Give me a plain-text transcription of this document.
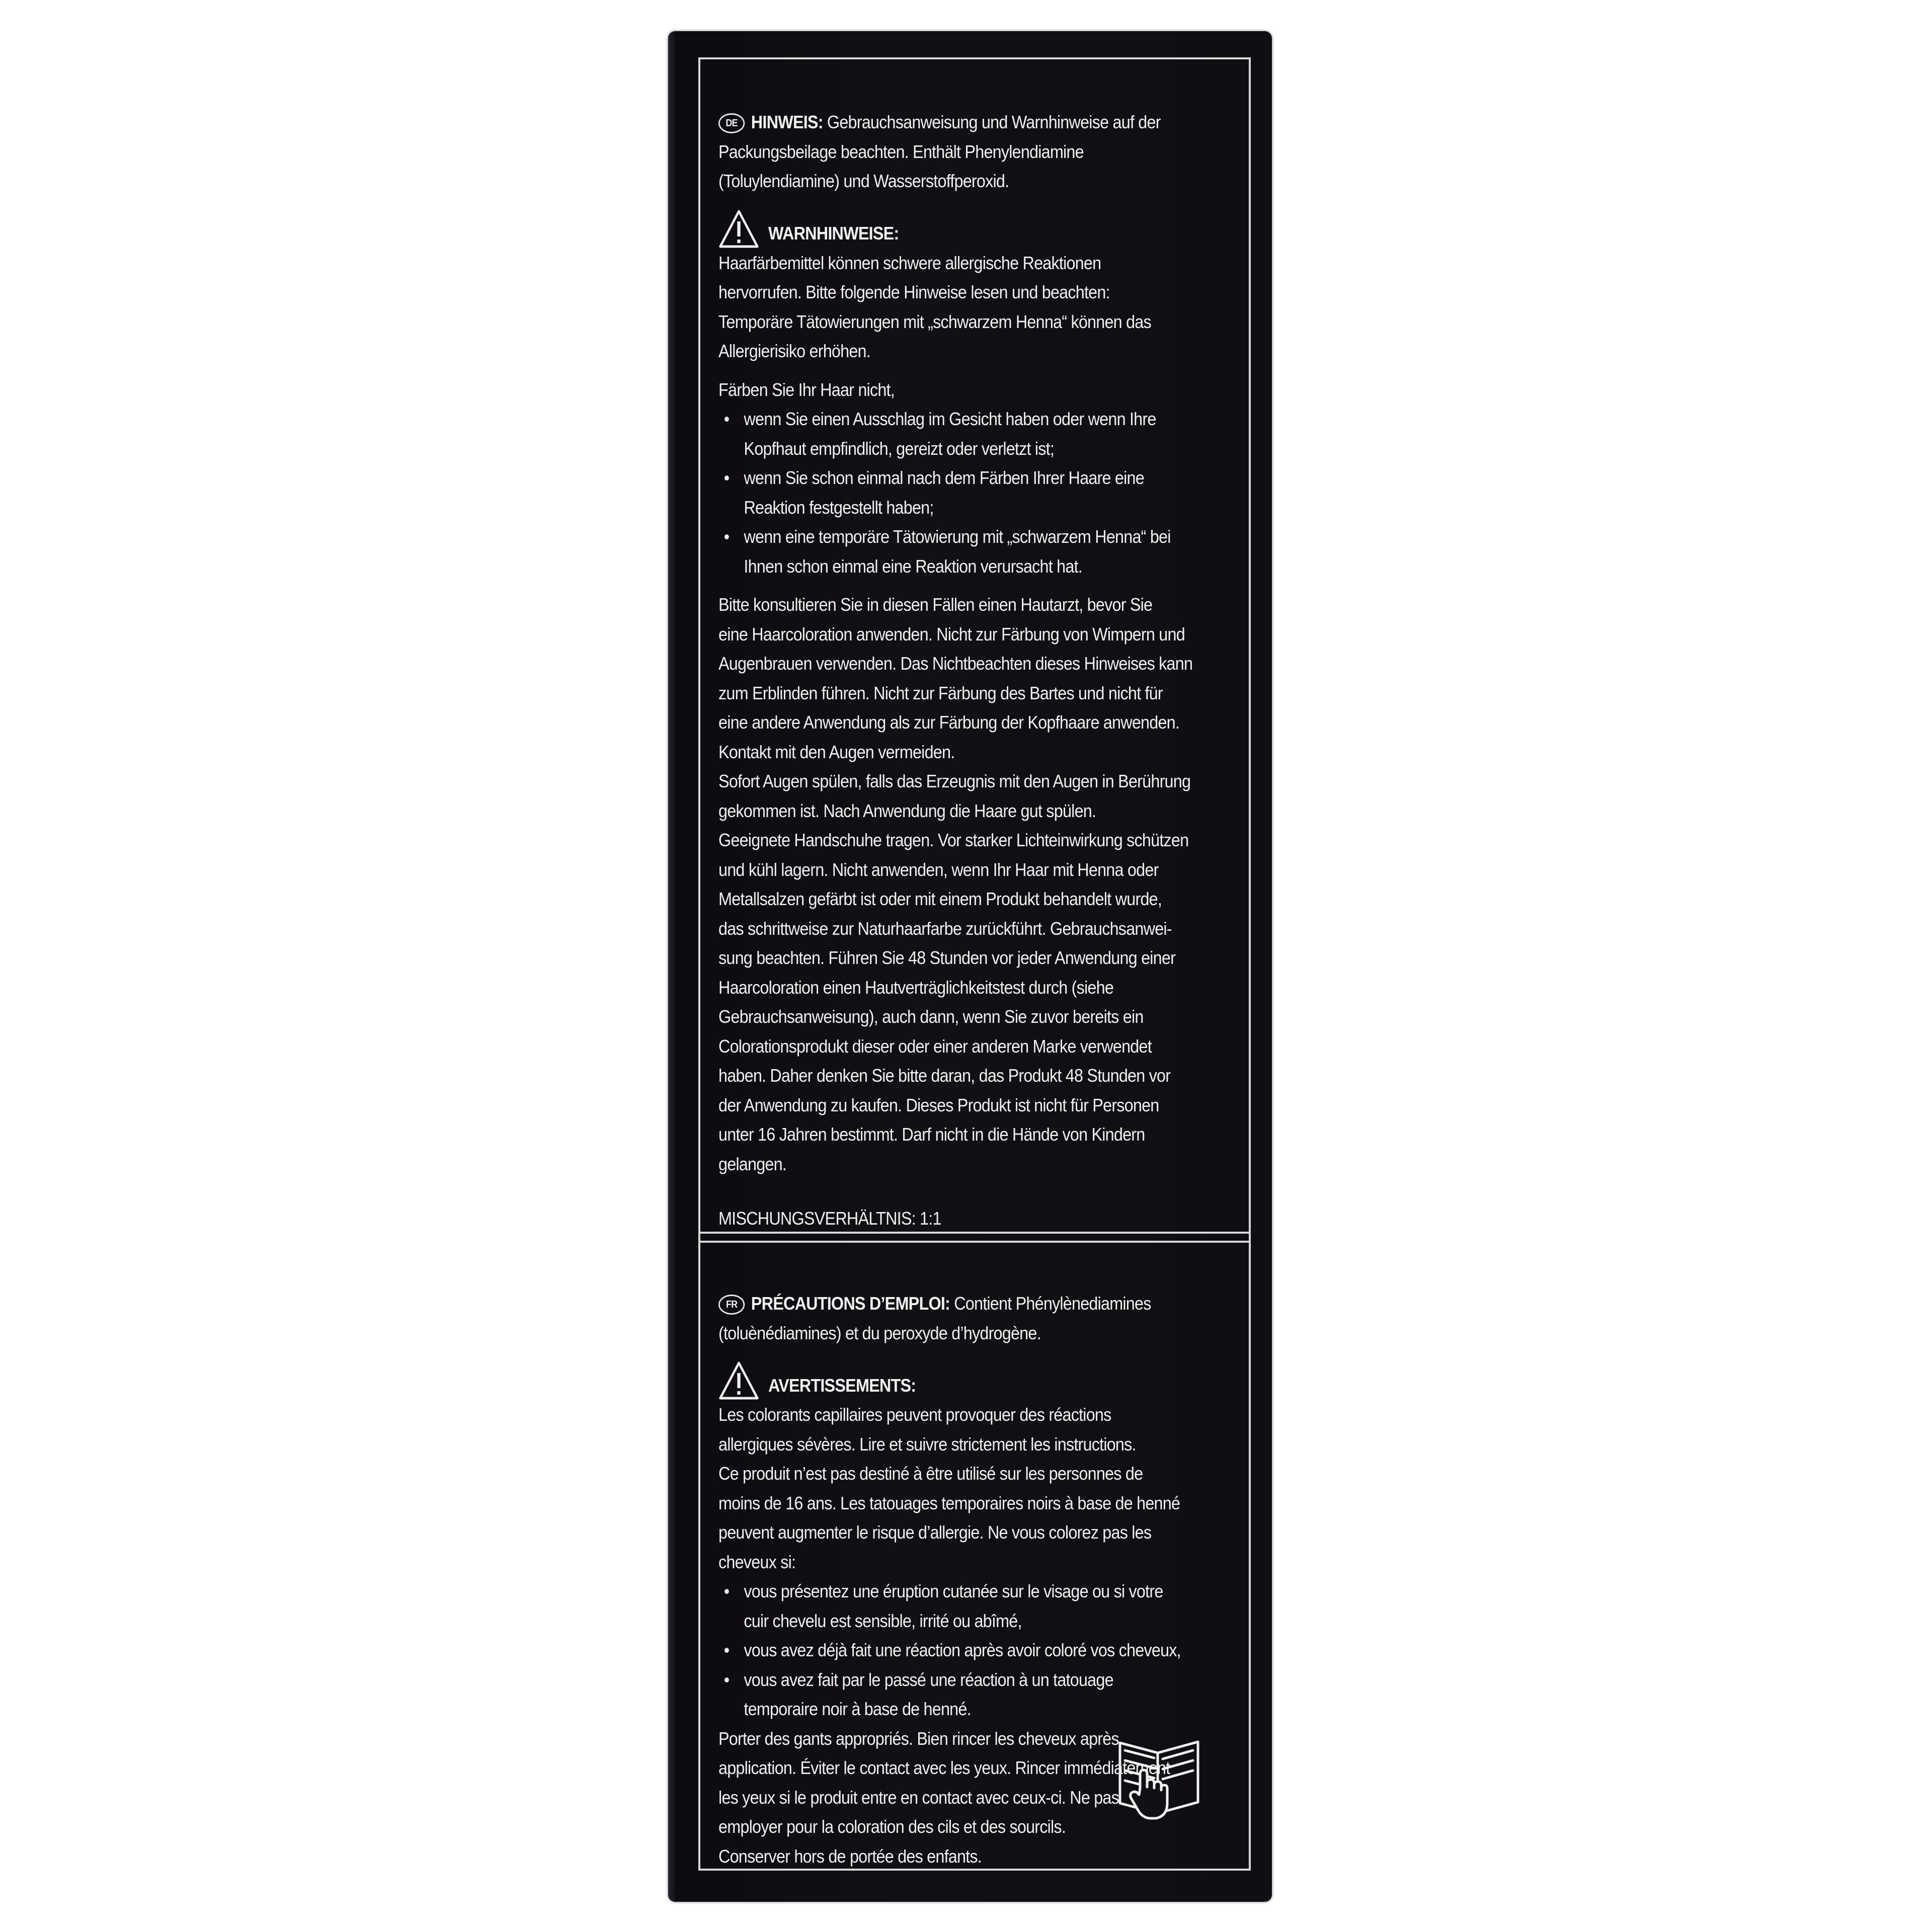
DE HINWEIS: Gebrauchsanweisung und Warnhinweise auf der
Packungsbeilage beachten. Enthält Phenylendiamine
(Toluylendiamine) und Wasserstoffperoxid.

WARNHINWEISE:

Haarfärbemittel können schwere allergische Reaktionen
hervorrufen. Bitte folgende Hinweise lesen und beachten:
Temporäre Tätowierungen mit „schwarzem Henna“ können das
Allergierisiko erhöhen.

Färben Sie Ihr Haar nicht,

• wenn Sie einen Ausschlag im Gesicht haben oder wenn Ihre
Kopfhaut empfindlich, gereizt oder verletzt ist;
• wenn Sie schon einmal nach dem Färben Ihrer Haare eine
Reaktion festgestellt haben;
• wenn eine temporäre Tätowierung mit „schwarzem Henna“ bei
Ihnen schon einmal eine Reaktion verursacht hat.

Bitte konsultieren Sie in diesen Fällen einen Hautarzt, bevor Sie
eine Haarcoloration anwenden. Nicht zur Färbung von Wimpern und
Augenbrauen verwenden. Das Nichtbeachten dieses Hinweises kann
zum Erblinden führen. Nicht zur Färbung des Bartes und nicht für
eine andere Anwendung als zur Färbung der Kopfhaare anwenden.
Kontakt mit den Augen vermeiden.
Sofort Augen spülen, falls das Erzeugnis mit den Augen in Berührung
gekommen ist. Nach Anwendung die Haare gut spülen.
Geeignete Handschuhe tragen. Vor starker Lichteinwirkung schützen
und kühl lagern. Nicht anwenden, wenn Ihr Haar mit Henna oder
Metallsalzen gefärbt ist oder mit einem Produkt behandelt wurde,
das schrittweise zur Naturhaarfarbe zurückführt. Gebrauchsanwei-
sung beachten. Führen Sie 48 Stunden vor jeder Anwendung einer
Haarcoloration einen Hautverträglichkeitstest durch (siehe
Gebrauchsanweisung), auch dann, wenn Sie zuvor bereits ein
Colorationsprodukt dieser oder einer anderen Marke verwendet
haben. Daher denken Sie bitte daran, das Produkt 48 Stunden vor
der Anwendung zu kaufen. Dieses Produkt ist nicht für Personen
unter 16 Jahren bestimmt. Darf nicht in die Hände von Kindern
gelangen.

MISCHUNGSVERHÄLTNIS: 1:1

FR PRÉCAUTIONS D’EMPLOI: Contient Phénylènediamines
(toluènédiamines) et du peroxyde d’hydrogène.

AVERTISSEMENTS:

Les colorants capillaires peuvent provoquer des réactions
allergiques sévères. Lire et suivre strictement les instructions.
Ce produit n’est pas destiné à être utilisé sur les personnes de
moins de 16 ans. Les tatouages temporaires noirs à base de henné
peuvent augmenter le risque d’allergie. Ne vous colorez pas les
cheveux si:

• vous présentez une éruption cutanée sur le visage ou si votre
cuir chevelu est sensible, irrité ou abîmé,
• vous avez déjà fait une réaction après avoir coloré vos cheveux,
• vous avez fait par le passé une réaction à un tatouage
temporaire noir à base de henné.

Porter des gants appropriés. Bien rincer les cheveux après
application. Éviter le contact avec les yeux. Rincer immédiatement
les yeux si le produit entre en contact avec ceux-ci. Ne pas
employer pour la coloration des cils et des sourcils.
Conserver hors de portée des enfants.
